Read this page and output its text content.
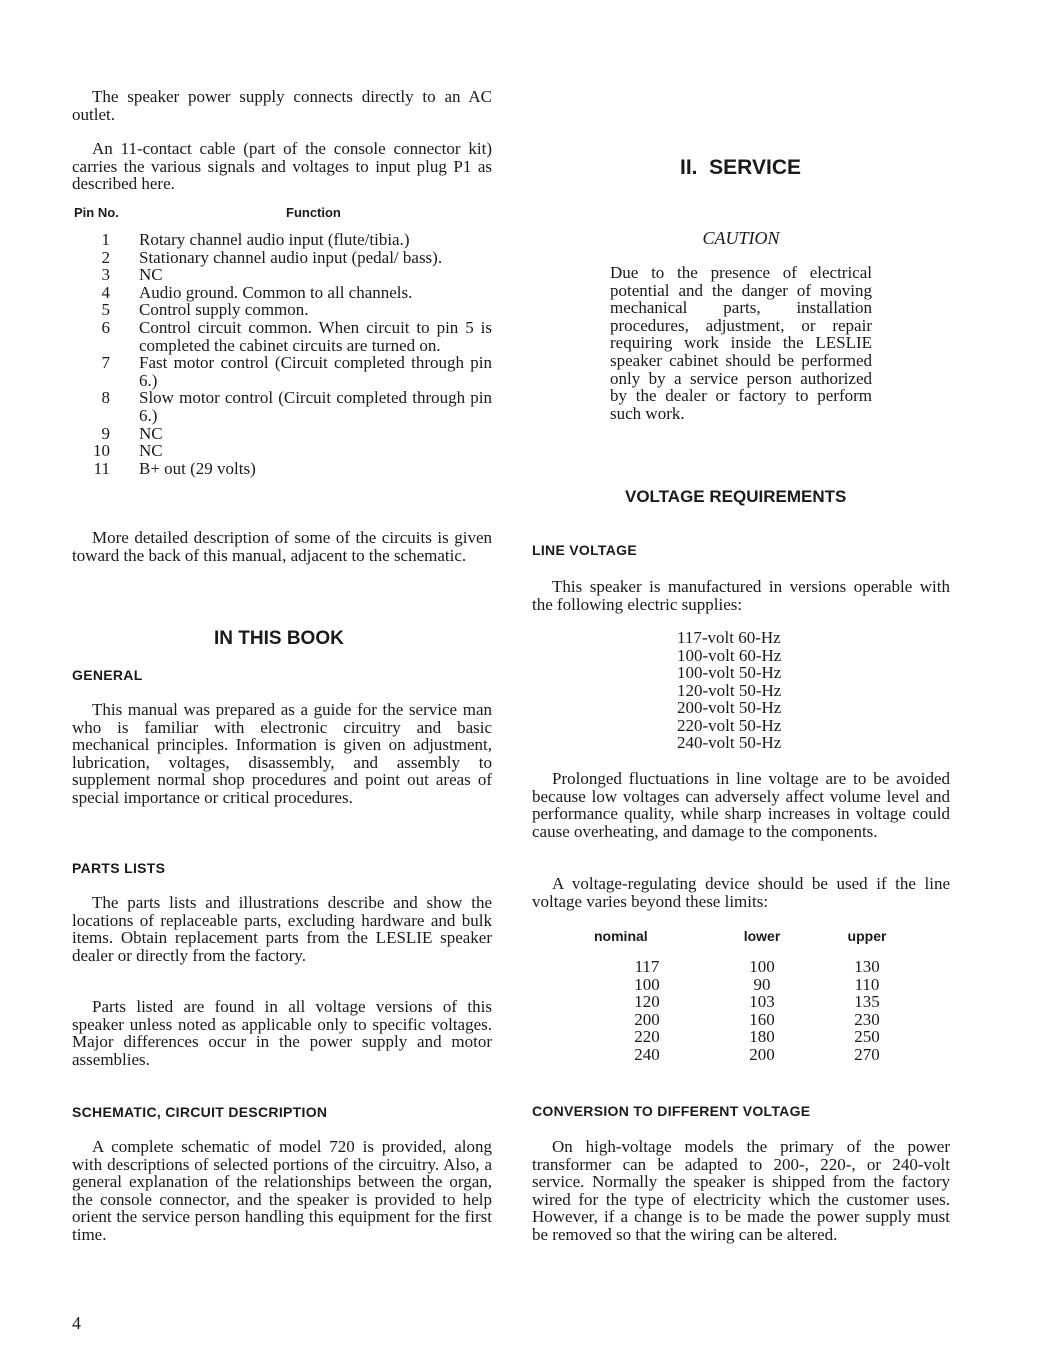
The speaker power supply connects directly to an AC outlet.

An 11-contact cable (part of the console connector kit) carries the various signals and voltages to input plug P1 as described here.

Pin No.	Function
1	Rotary channel audio input (flute/tibia.)
2	Stationary channel audio input (pedal/ bass).
3	NC
4	Audio ground. Common to all channels.
5	Control supply common.
6	Control circuit common. When circuit to pin 5 is completed the cabinet circuits are turned on.
7	Fast motor control (Circuit completed through pin 6.)
8	Slow motor control (Circuit completed through pin 6.)
9	NC
10	NC
11	B+ out (29 volts)

More detailed description of some of the circuits is given toward the back of this manual, adjacent to the schematic.

IN THIS BOOK
GENERAL

This manual was prepared as a guide for the service man who is familiar with electronic circuitry and basic mechanical principles. Information is given on adjustment, lubrication, voltages, disassembly, and assembly to supplement normal shop procedures and point out areas of special importance or critical procedures.

PARTS LISTS

The parts lists and illustrations describe and show the locations of replaceable parts, excluding hardware and bulk items. Obtain replacement parts from the LESLIE speaker dealer or directly from the factory.

Parts listed are found in all voltage versions of this speaker unless noted as applicable only to specific voltages. Major differences occur in the power supply and motor assemblies.

SCHEMATIC, CIRCUIT DESCRIPTION

A complete schematic of model 720 is provided, along with descriptions of selected portions of the circuitry. Also, a general explanation of the relationships between the organ, the console connector, and the speaker is provided to help orient the service person handling this equipment for the first time.

II.  SERVICE
CAUTION

Due to the presence of electrical potential and the danger of moving mechanical parts, installation procedures, adjustment, or repair requiring work inside the LESLIE speaker cabinet should be performed only by a service person authorized by the dealer or factory to perform such work.

VOLTAGE REQUIREMENTS
LINE VOLTAGE

This speaker is manufactured in versions operable with the following electric supplies:

117-volt 60-Hz
100-volt 60-Hz
100-volt 50-Hz
120-volt 50-Hz
200-volt 50-Hz
220-volt 50-Hz
240-volt 50-Hz

Prolonged fluctuations in line voltage are to be avoided because low voltages can adversely affect volume level and performance quality, while sharp increases in voltage could cause overheating, and damage to the components.

A voltage-regulating device should be used if the line voltage varies beyond these limits:

nominal	lower	upper
117	100	130
100	90	110
120	103	135
200	160	230
220	180	250
240	200	270
CONVERSION TO DIFFERENT VOLTAGE

On high-voltage models the primary of the power transformer can be adapted to 200-, 220-, or 240-volt service. Normally the speaker is shipped from the factory wired for the type of electricity which the customer uses. However, if a change is to be made the power supply must be removed so that the wiring can be altered.

4
